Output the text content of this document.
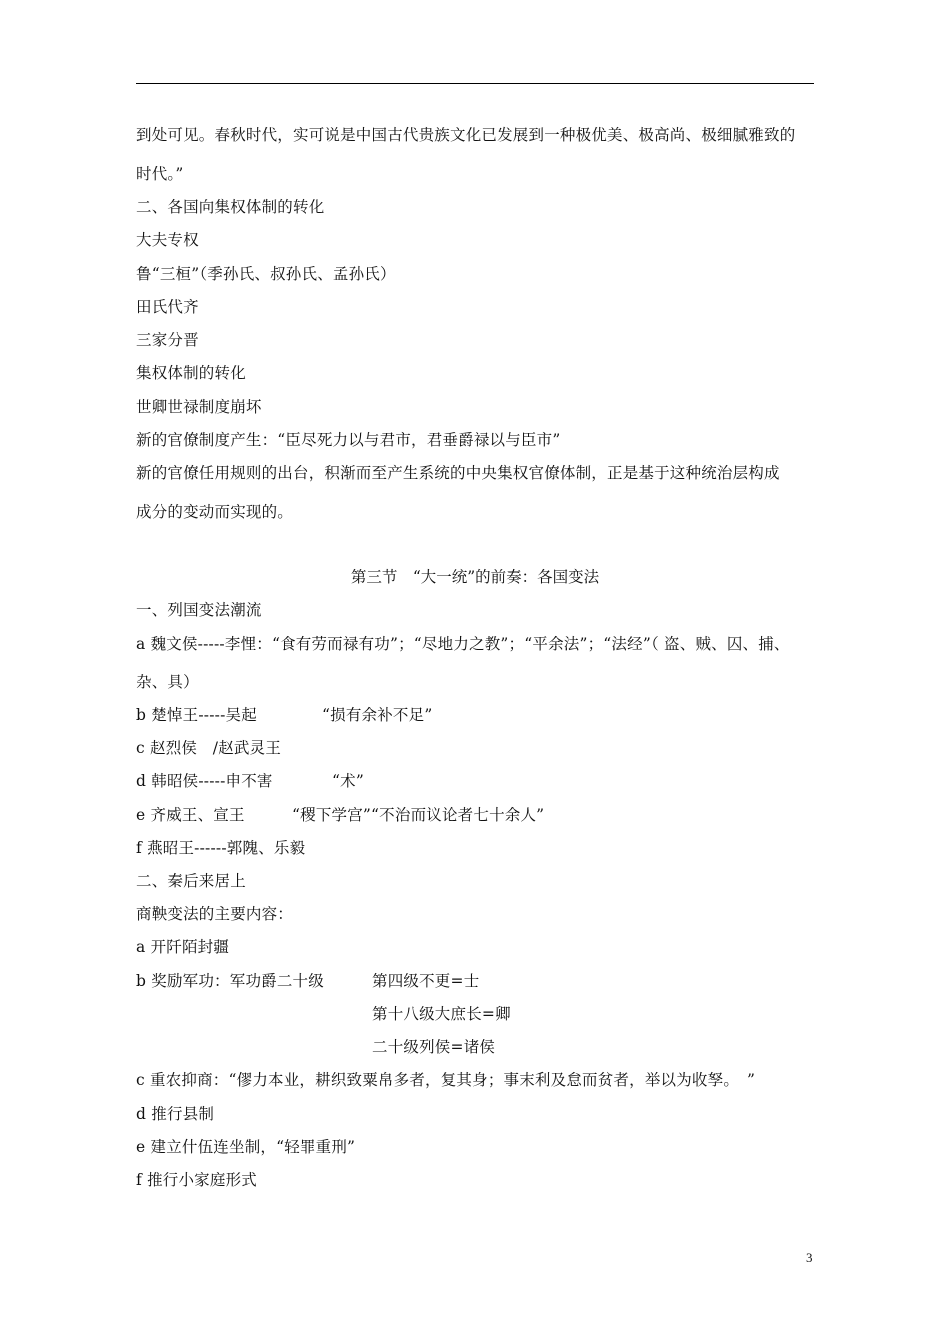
到处可见。春秋时代，实可说是中国古代贵族文化已发展到一种极优美、极高尚、极细腻雅致的
时代。”
二、各国向集权体制的转化
大夫专权
鲁“三桓”（季孙氏、叔孙氏、孟孙氏）
田氏代齐
三家分晋
集权体制的转化
世卿世禄制度崩坏
新的官僚制度产生：“臣尽死力以与君市，君垂爵禄以与臣市”
新的官僚任用规则的出台，积渐而至产生系统的中央集权官僚体制，正是基于这种统治层构成
成分的变动而实现的。
第三节　“大一统”的前奏：各国变法
一、列国变法潮流
a 魏文侯-----李悝：“食有劳而禄有功”；“尽地力之教”；“平余法”；“法经”（ 盗、贼、囚、捕、
杂、具）
b 楚悼王-----吴起	“损有余补不足”
c 赵烈侯　/赵武灵王
d 韩昭侯-----申不害	“术”
e 齐威王、宣王	“稷下学宫”“不治而议论者七十余人”
f 燕昭王------郭隗、乐毅
二、秦后来居上
商鞅变法的主要内容：
a 开阡陌封疆
b 奖励军功：军功爵二十级	第四级不更=士
第十八级大庶长=卿
二十级列侯=诸侯
c 重农抑商：“僇力本业，耕织致粟帛多者，复其身；事末利及怠而贫者，举以为收孥。　”
d 推行县制
e 建立什伍连坐制，“轻罪重刑”
f 推行小家庭形式
3
